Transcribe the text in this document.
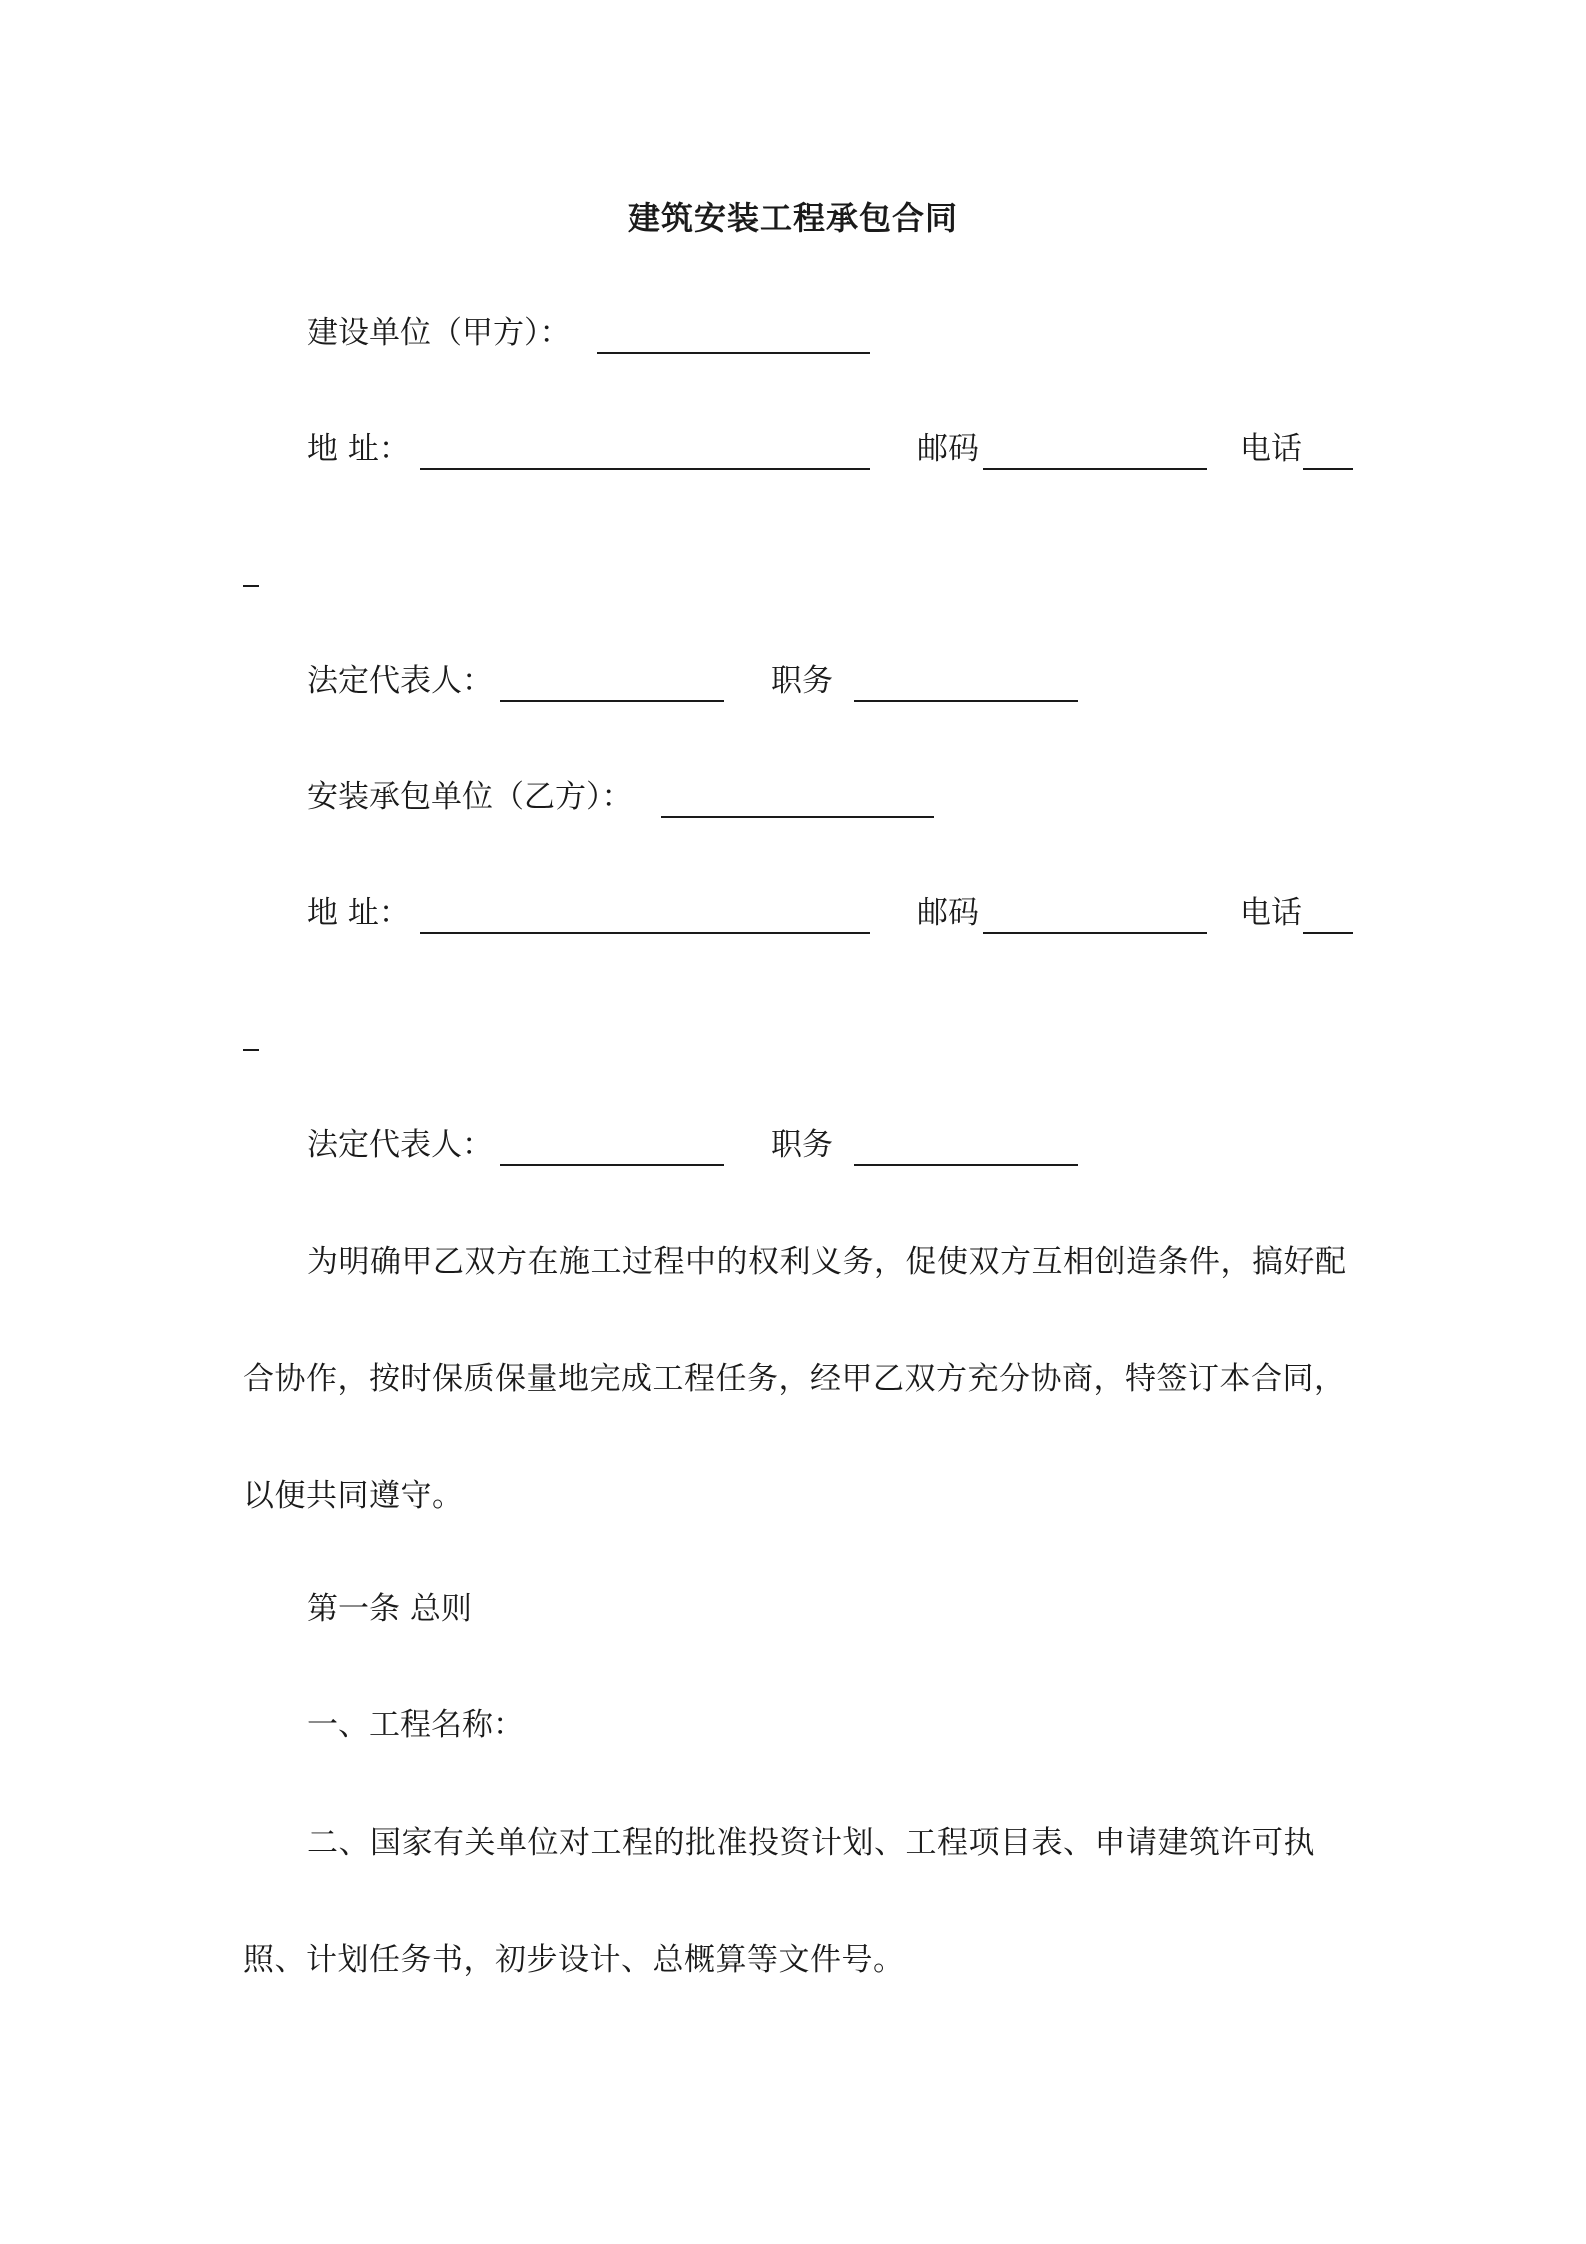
建筑安装工程承包合同
建设单位（甲方）：
地 址：	邮码	电话
法定代表人：	职务
安装承包单位（乙方）：
地 址：	邮码	电话
法定代表人：	职务
为明确甲乙双方在施工过程中的权利义务，促使双方互相创造条件，搞好配合协作，按时保质保量地完成工程任务，经甲乙双方充分协商，特签订本合同，以便共同遵守。
第一条 总则
一、工程名称：
二、国家有关单位对工程的批准投资计划、工程项目表、申请建筑许可执照、计划任务书，初步设计、总概算等文件号。
